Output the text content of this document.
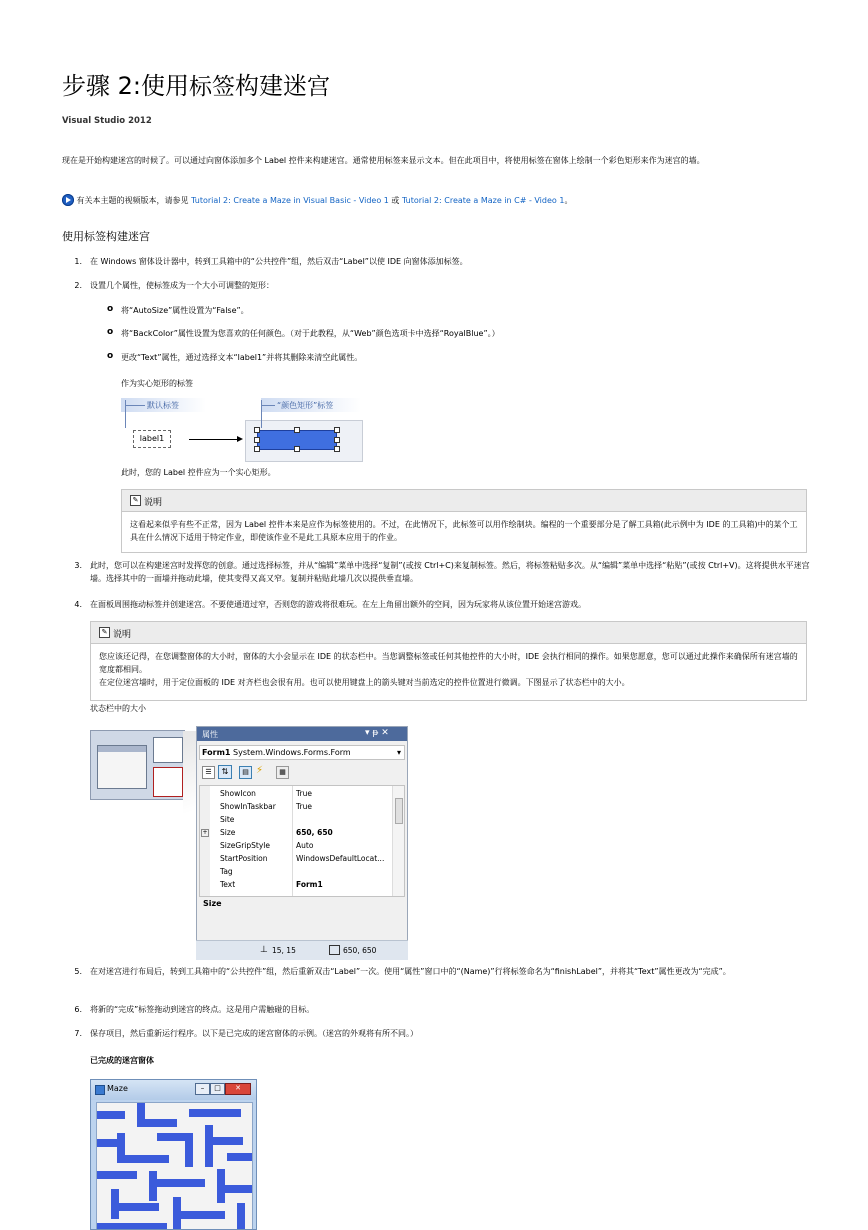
步骤 2:使用标签构建迷宫
Visual Studio 2012

现在是开始构建迷宫的时候了。可以通过向窗体添加多个 Label 控件来构建迷宫。通常使用标签来显示文本。但在此项目中，将使用标签在窗体上绘制一个彩色矩形来作为迷宫的墙。

有关本主题的视频版本，请参见 Tutorial 2: Create a Maze in Visual Basic - Video 1 或 Tutorial 2: Create a Maze in C# - Video 1。
使用标签构建迷宫
1. 在 Windows 窗体设计器中，转到工具箱中的“公共控件”组，然后双击“Label”以使 IDE 向窗体添加标签。

2. 设置几个属性，使标签成为一个大小可调整的矩形：

o 将“AutoSize”属性设置为“False”。

o 将“BackColor”属性设置为您喜欢的任何颜色。（对于此教程，从“Web”颜色选项卡中选择“RoyalBlue”。）

o 更改“Text”属性，通过选择文本“label1”并将其删除来清空此属性。

作为实心矩形的标签

默认标签
label1
“颜色矩形”标签

此时，您的 Label 控件应为一个实心矩形。

✎ 说明
这看起来似乎有些不正常，因为 Label 控件本来是应作为标签使用的。不过，在此情况下，此标签可以用作绘制块。编程的一个重要部分是了解工具箱(此示例中为 IDE 的工具箱)中的某个工具在什么情况下适用于特定作业，即使该作业不是此工具原本应用于的作业。
3. 此时，您可以在构建迷宫时发挥您的创意。通过选择标签，并从“编辑”菜单中选择“复制”(或按 Ctrl+C)来复制标签。然后，将标签粘贴多次。从“编辑”菜单中选择“粘贴”(或按 Ctrl+V)。这将提供水平迷宫墙。选择其中的一面墙并拖动此墙，使其变得又高又窄。复制并粘贴此墙几次以提供垂直墙。

4. 在面板周围拖动标签并创建迷宫。不要使通道过窄，否则您的游戏将很难玩。在左上角留出额外的空间，因为玩家将从该位置开始迷宫游戏。

✎ 说明
您应该还记得，在您调整窗体的大小时，窗体的大小会显示在 IDE 的状态栏中。当您调整标签或任何其他控件的大小时，IDE 会执行相同的操作。如果您愿意，您可以通过此操作来确保所有迷宫墙的宽度都相同。
在定位迷宫墙时，用于定位面板的 IDE 对齐栏也会很有用。也可以使用键盘上的箭头键对当前选定的控件位置进行微调。下图显示了状态栏中的大小。

状态栏中的大小

属性	▾ ᵽ ✕
Form1 System.Windows.Forms.Form	▾
☰	⇅	▤ ⚡	▦
ShowIcon	True
ShowInTaskbar	True
Site
+ Size	650, 650
SizeGripStyle	Auto
StartPosition	WindowsDefaultLocat...
Tag
Text	Form1
Size
⊥ 15, 15	650, 650
5. 在对迷宫进行布局后，转到工具箱中的“公共控件”组，然后重新双击“Label”一次。使用“属性”窗口中的“(Name)”行将标签命名为“finishLabel”，并将其“Text”属性更改为“完成”。

6. 将新的“完成”标签拖动到迷宫的终点。这是用户需触碰的目标。

7. 保存项目，然后重新运行程序。以下是已完成的迷宫窗体的示例。（迷宫的外观将有所不同。）

已完成的迷宫窗体

Maze	–	□	✕
